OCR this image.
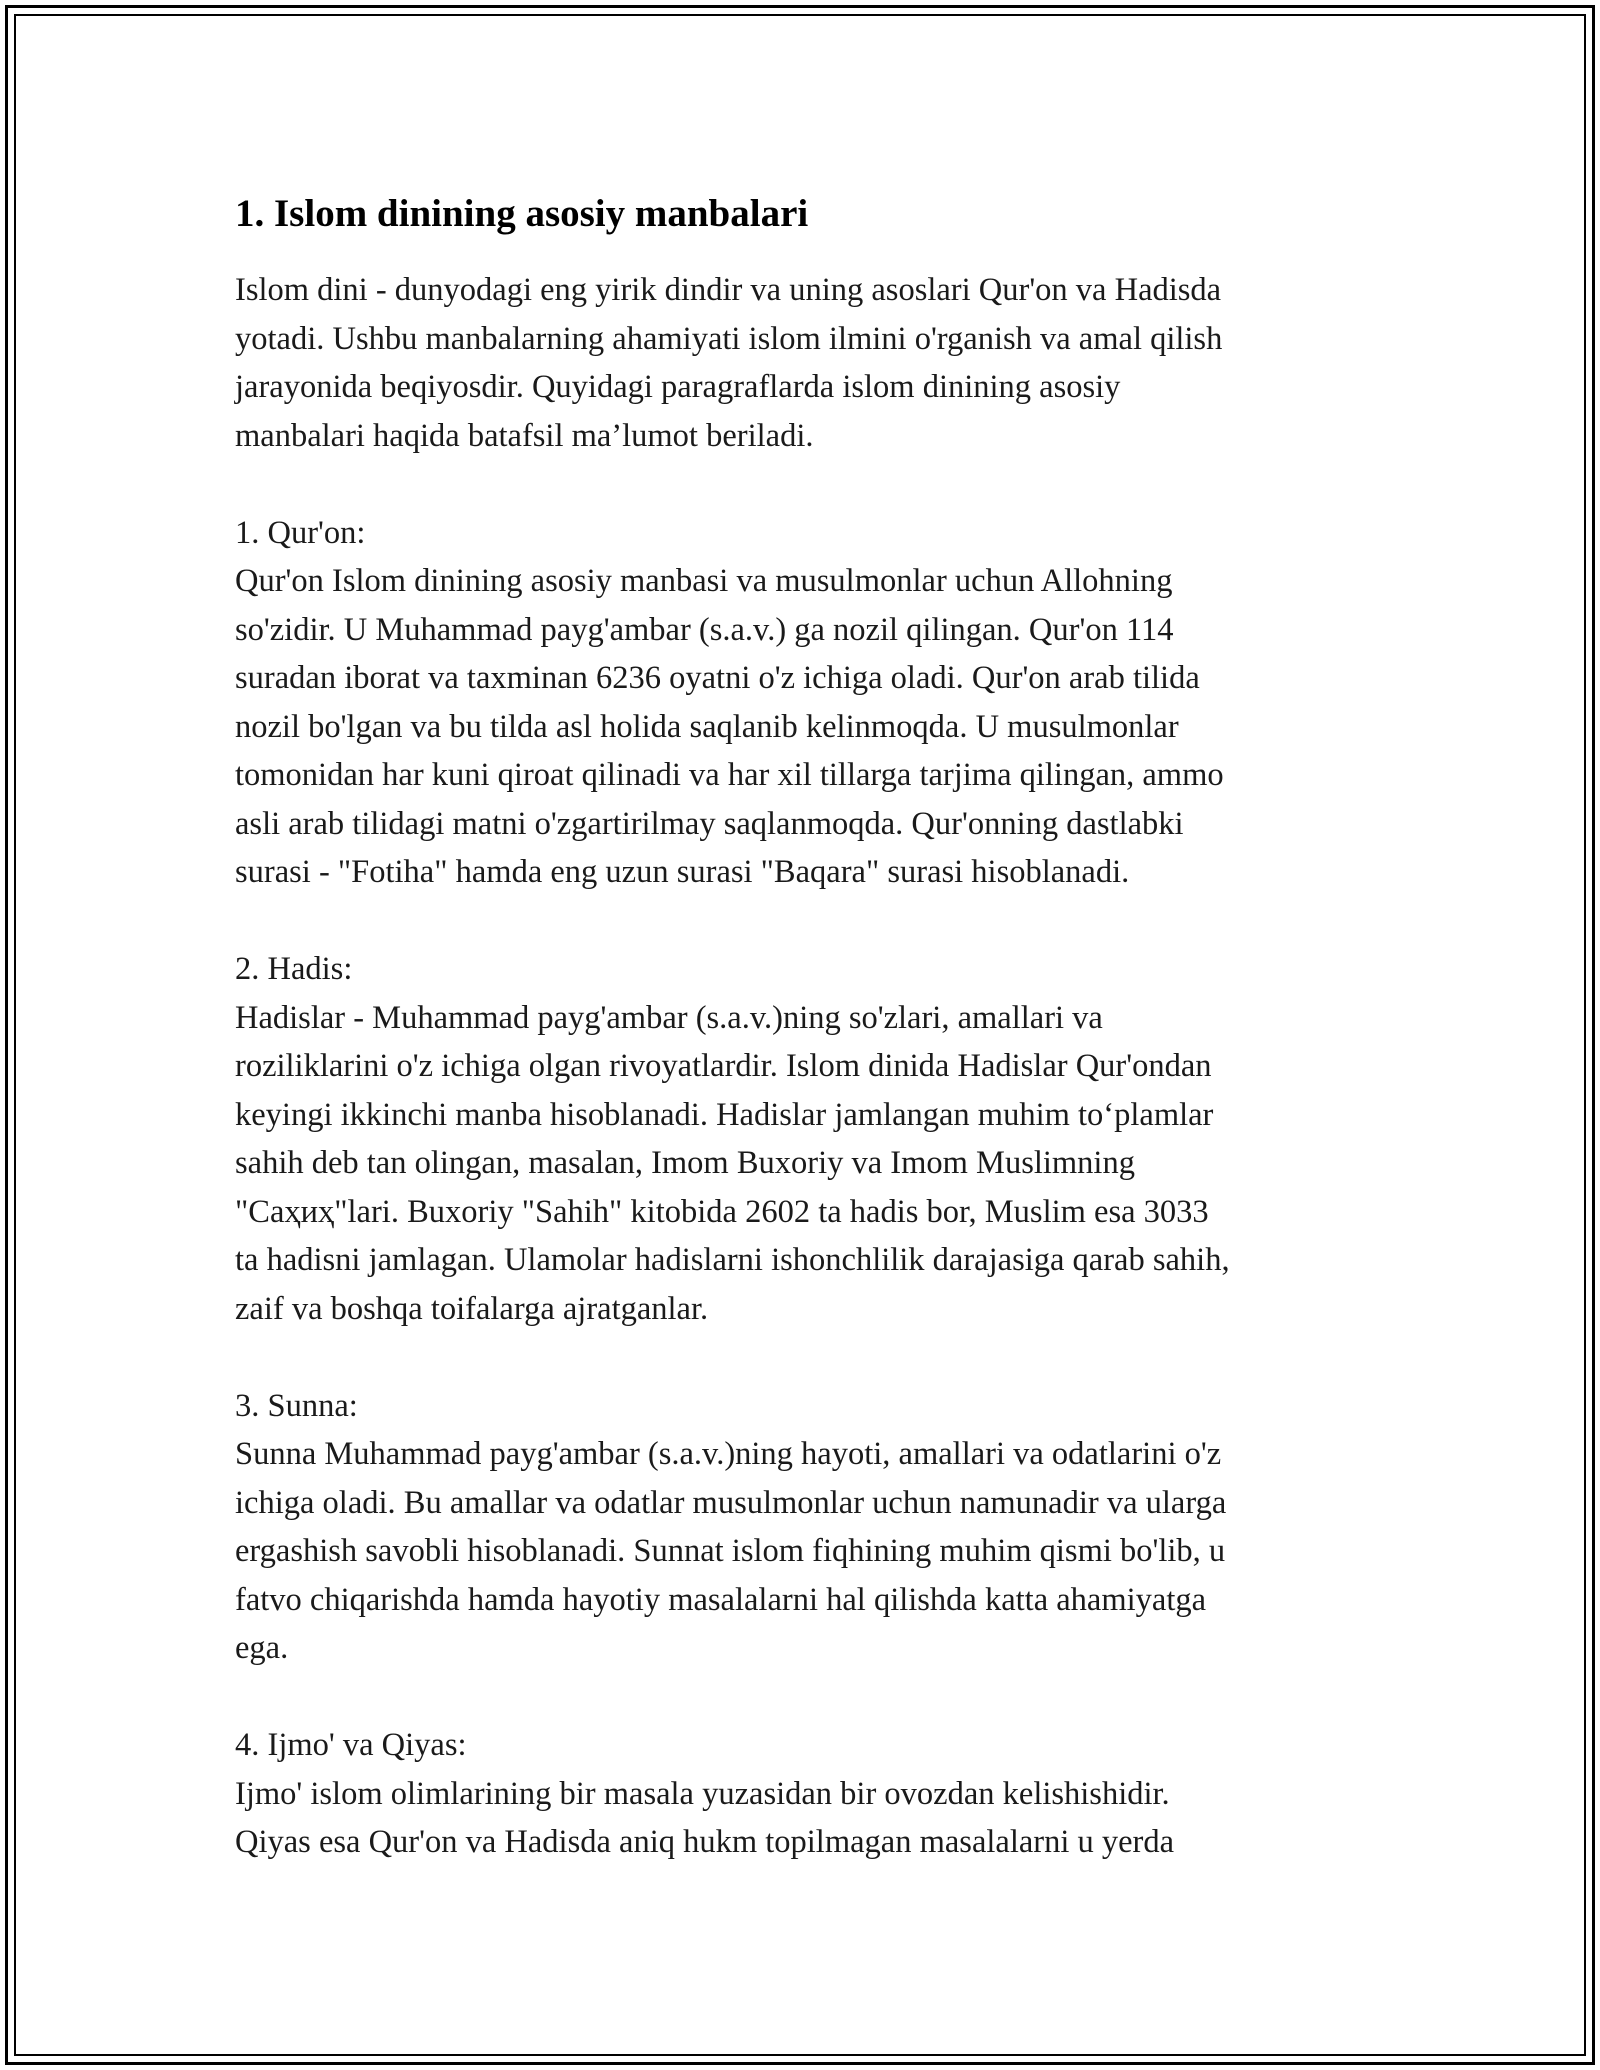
1. Islom dinining asosiy manbalari
Islom dini - dunyodagi eng yirik dindir va uning asoslari Qur'on va Hadisda
yotadi. Ushbu manbalarning ahamiyati islom ilmini o'rganish va amal qilish
jarayonida beqiyosdir. Quyidagi paragraflarda islom dinining asosiy
manbalari haqida batafsil ma’lumot beriladi.
1. Qur'on:
Qur'on Islom dinining asosiy manbasi va musulmonlar uchun Allohning
so'zidir. U Muhammad payg'ambar (s.a.v.) ga nozil qilingan. Qur'on 114
suradan iborat va taxminan 6236 oyatni o'z ichiga oladi. Qur'on arab tilida
nozil bo'lgan va bu tilda asl holida saqlanib kelinmoqda. U musulmonlar
tomonidan har kuni qiroat qilinadi va har xil tillarga tarjima qilingan, ammo
asli arab tilidagi matni o'zgartirilmay saqlanmoqda. Qur'onning dastlabki
surasi - "Fotiha" hamda eng uzun surasi "Baqara" surasi hisoblanadi.
2. Hadis:
Hadislar - Muhammad payg'ambar (s.a.v.)ning so'zlari, amallari va
roziliklarini o'z ichiga olgan rivoyatlardir. Islom dinida Hadislar Qur'ondan
keyingi ikkinchi manba hisoblanadi. Hadislar jamlangan muhim to‘plamlar
sahih deb tan olingan, masalan, Imom Buxoriy va Imom Muslimning
"Саҳиҳ"lari. Buxoriy "Sahih" kitobida 2602 ta hadis bor, Muslim esa 3033
ta hadisni jamlagan. Ulamolar hadislarni ishonchlilik darajasiga qarab sahih,
zaif va boshqa toifalarga ajratganlar.
3. Sunna:
Sunna Muhammad payg'ambar (s.a.v.)ning hayoti, amallari va odatlarini o'z
ichiga oladi. Bu amallar va odatlar musulmonlar uchun namunadir va ularga
ergashish savobli hisoblanadi. Sunnat islom fiqhining muhim qismi bo'lib, u
fatvo chiqarishda hamda hayotiy masalalarni hal qilishda katta ahamiyatga
ega.
4. Ijmo' va Qiyas:
Ijmo' islom olimlarining bir masala yuzasidan bir ovozdan kelishishidir.
Qiyas esa Qur'on va Hadisda aniq hukm topilmagan masalalarni u yerda
